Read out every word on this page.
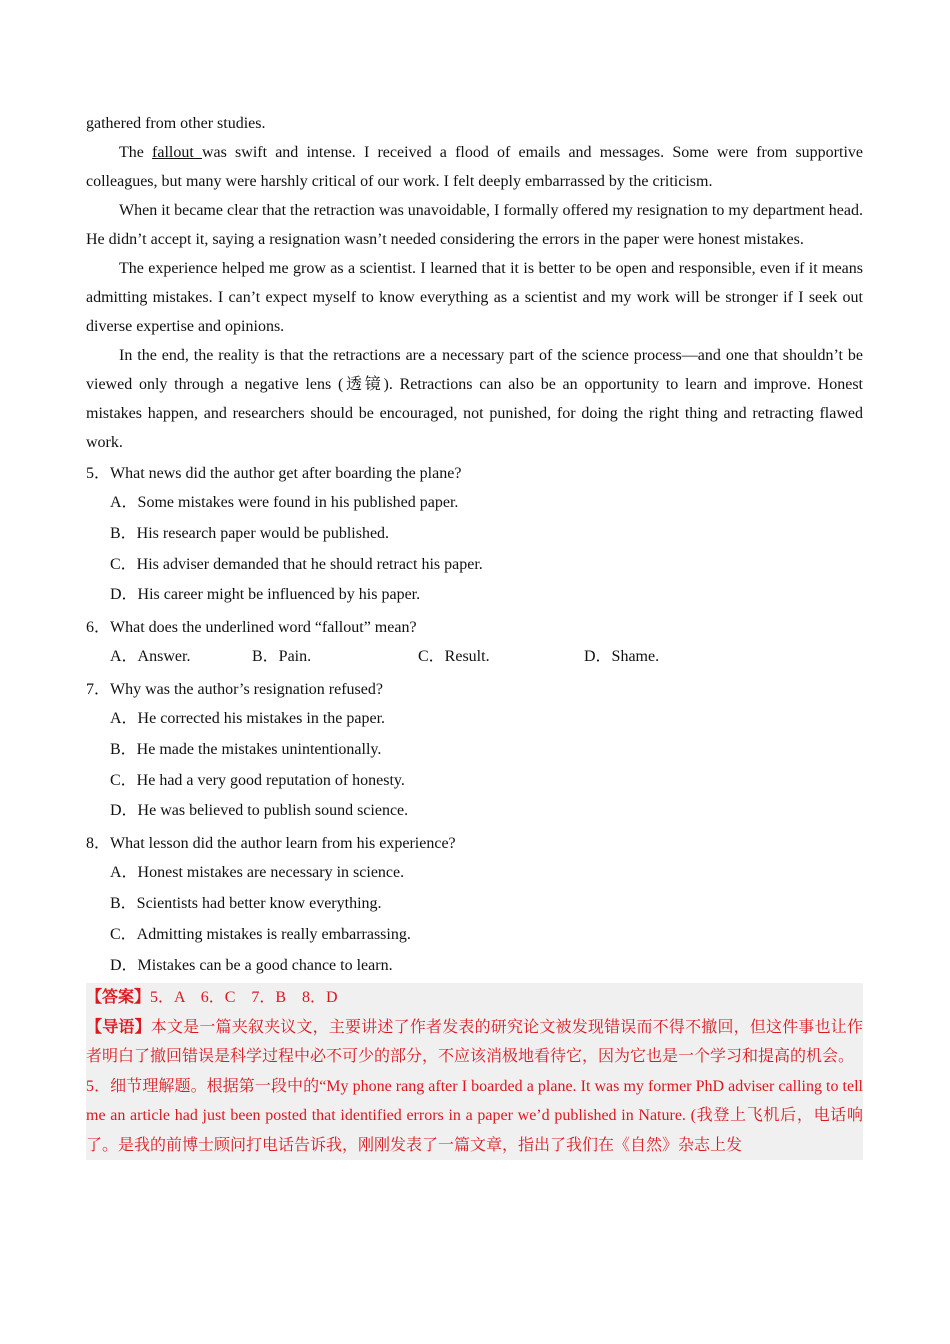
gathered from other studies.

The fallout was swift and intense. I received a flood of emails and messages. Some were from supportive colleagues, but many were harshly critical of our work. I felt deeply embarrassed by the criticism.

When it became clear that the retraction was unavoidable, I formally offered my resignation to my department head. He didn’t accept it, saying a resignation wasn’t needed considering the errors in the paper were honest mistakes.

The experience helped me grow as a scientist. I learned that it is better to be open and responsible, even if it means admitting mistakes. I can’t expect myself to know everything as a scientist and my work will be stronger if I seek out diverse expertise and opinions.

In the end, the reality is that the retractions are a necessary part of the science process—and one that shouldn’t be viewed only through a negative lens (透镜). Retractions can also be an opportunity to learn and improve. Honest mistakes happen, and researchers should be encouraged, not punished, for doing the right thing and retracting flawed work.

5．What news did the author get after boarding the plane?
A．Some mistakes were found in his published paper.
B．His research paper would be published.
C．His adviser demanded that he should retract his paper.
D．His career might be influenced by his paper.
6．What does the underlined word “fallout” mean?
A．Answer.	B．Pain.	C．Result.	D．Shame.
7．Why was the author’s resignation refused?
A．He corrected his mistakes in the paper.
B．He made the mistakes unintentionally.
C．He had a very good reputation of honesty.
D．He was believed to publish sound science.
8．What lesson did the author learn from his experience?
A．Honest mistakes are necessary in science.
B．Scientists had better know everything.
C．Admitting mistakes is really embarrassing.
D．Mistakes can be a good chance to learn.

【答案】5．A　6．C　7．B　8．D

【导语】本文是一篇夹叙夹议文，主要讲述了作者发表的研究论文被发现错误而不得不撤回，但这件事也让作者明白了撤回错误是科学过程中必不可少的部分，不应该消极地看待它，因为它也是一个学习和提高的机会。

5．细节理解题。根据第一段中的“My phone rang after I boarded a plane. It was my former PhD adviser calling to tell me an article had just been posted that identified errors in a paper we’d published in Nature. (我登上飞机后，电话响了。是我的前博士顾问打电话告诉我，刚刚发表了一篇文章，指出了我们在《自然》杂志上发
